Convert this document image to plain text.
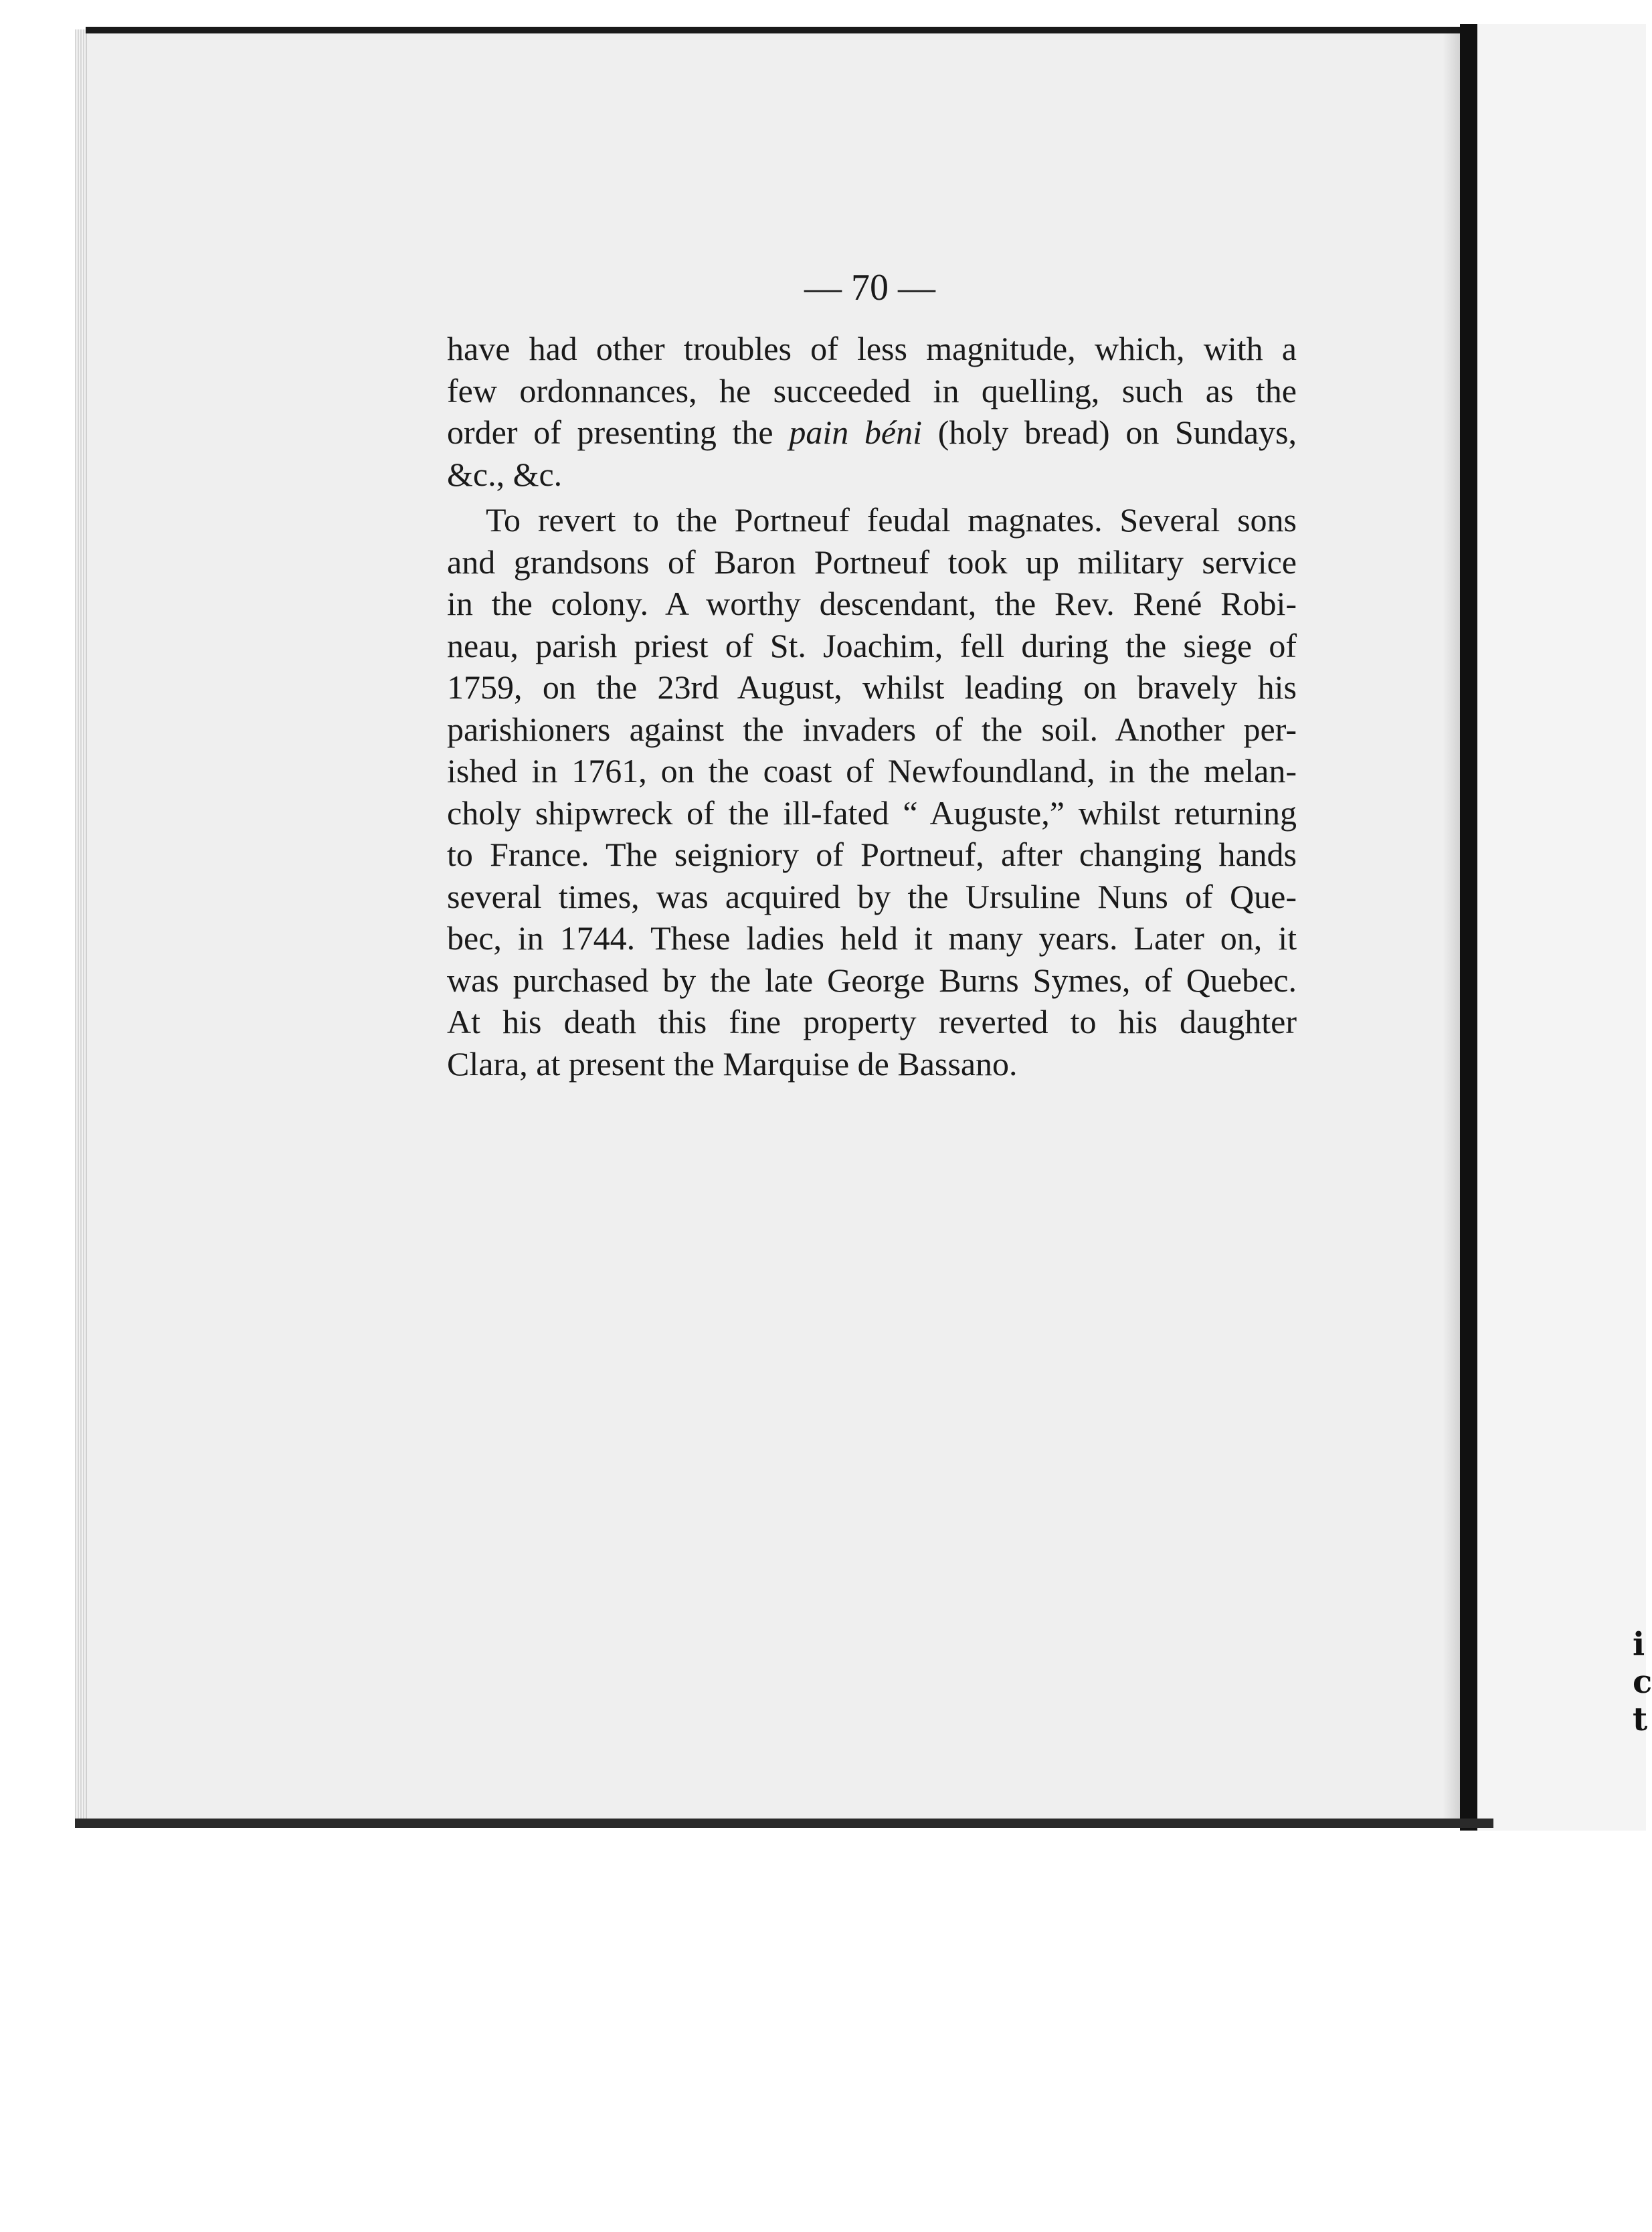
i
c
t
— 70 —
have had other troubles of less magnitude, which, with a
few ordonnances, he succeeded in quelling, such as the
order of presenting the pain béni (holy bread) on Sundays,
&c., &c.
To revert to the Portneuf feudal magnates. Several sons
and grandsons of Baron Portneuf took up military service
in the colony. A worthy descendant, the Rev. René Robi-
neau, parish priest of St. Joachim, fell during the siege of
1759, on the 23rd August, whilst leading on bravely his
parishioners against the invaders of the soil. Another per-
ished in 1761, on the coast of Newfoundland, in the melan-
choly shipwreck of the ill-fated “ Auguste,” whilst returning
to France. The seigniory of Portneuf, after changing hands
several times, was acquired by the Ursuline Nuns of Que-
bec, in 1744. These ladies held it many years. Later on, it
was purchased by the late George Burns Symes, of Quebec.
At his death this fine property reverted to his daughter
Clara, at present the Marquise de Bassano.
